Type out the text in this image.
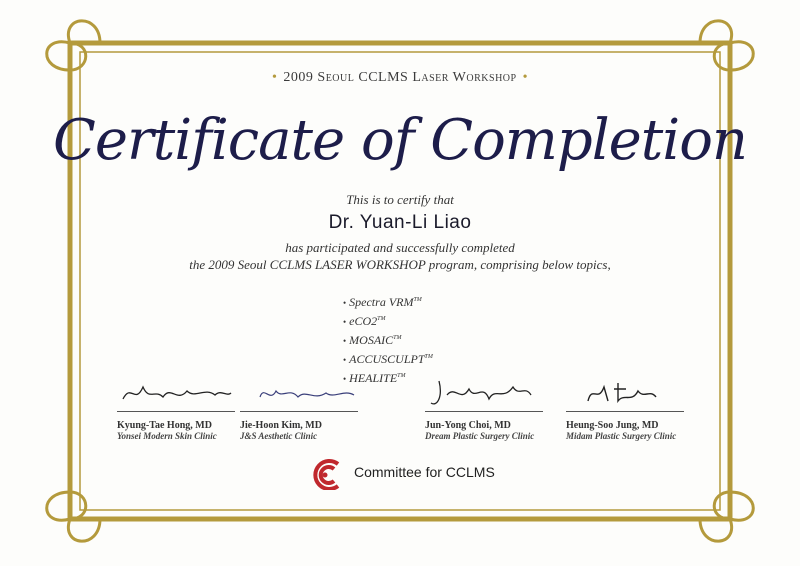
• 2009 Seoul CCLMS Laser Workshop •
Certificate of Completion
This is to certify that
Dr. Yuan-Li Liao
has participated and successfully completed
the 2009 Seoul CCLMS LASER WORKSHOP program, comprising below topics,
• Spectra VRM™
• eCO2™
• MOSAIC™
• ACCUSCULPT™
• HEALITE™
Kyung-Tae Hong, MD
Yonsei Modern Skin Clinic
Jie-Hoon Kim, MD
J&S Aesthetic Clinic
Jun-Yong Choi, MD
Dream Plastic Surgery Clinic
Heung-Soo Jung, MD
Midam Plastic Surgery Clinic
Committee for CCLMS
